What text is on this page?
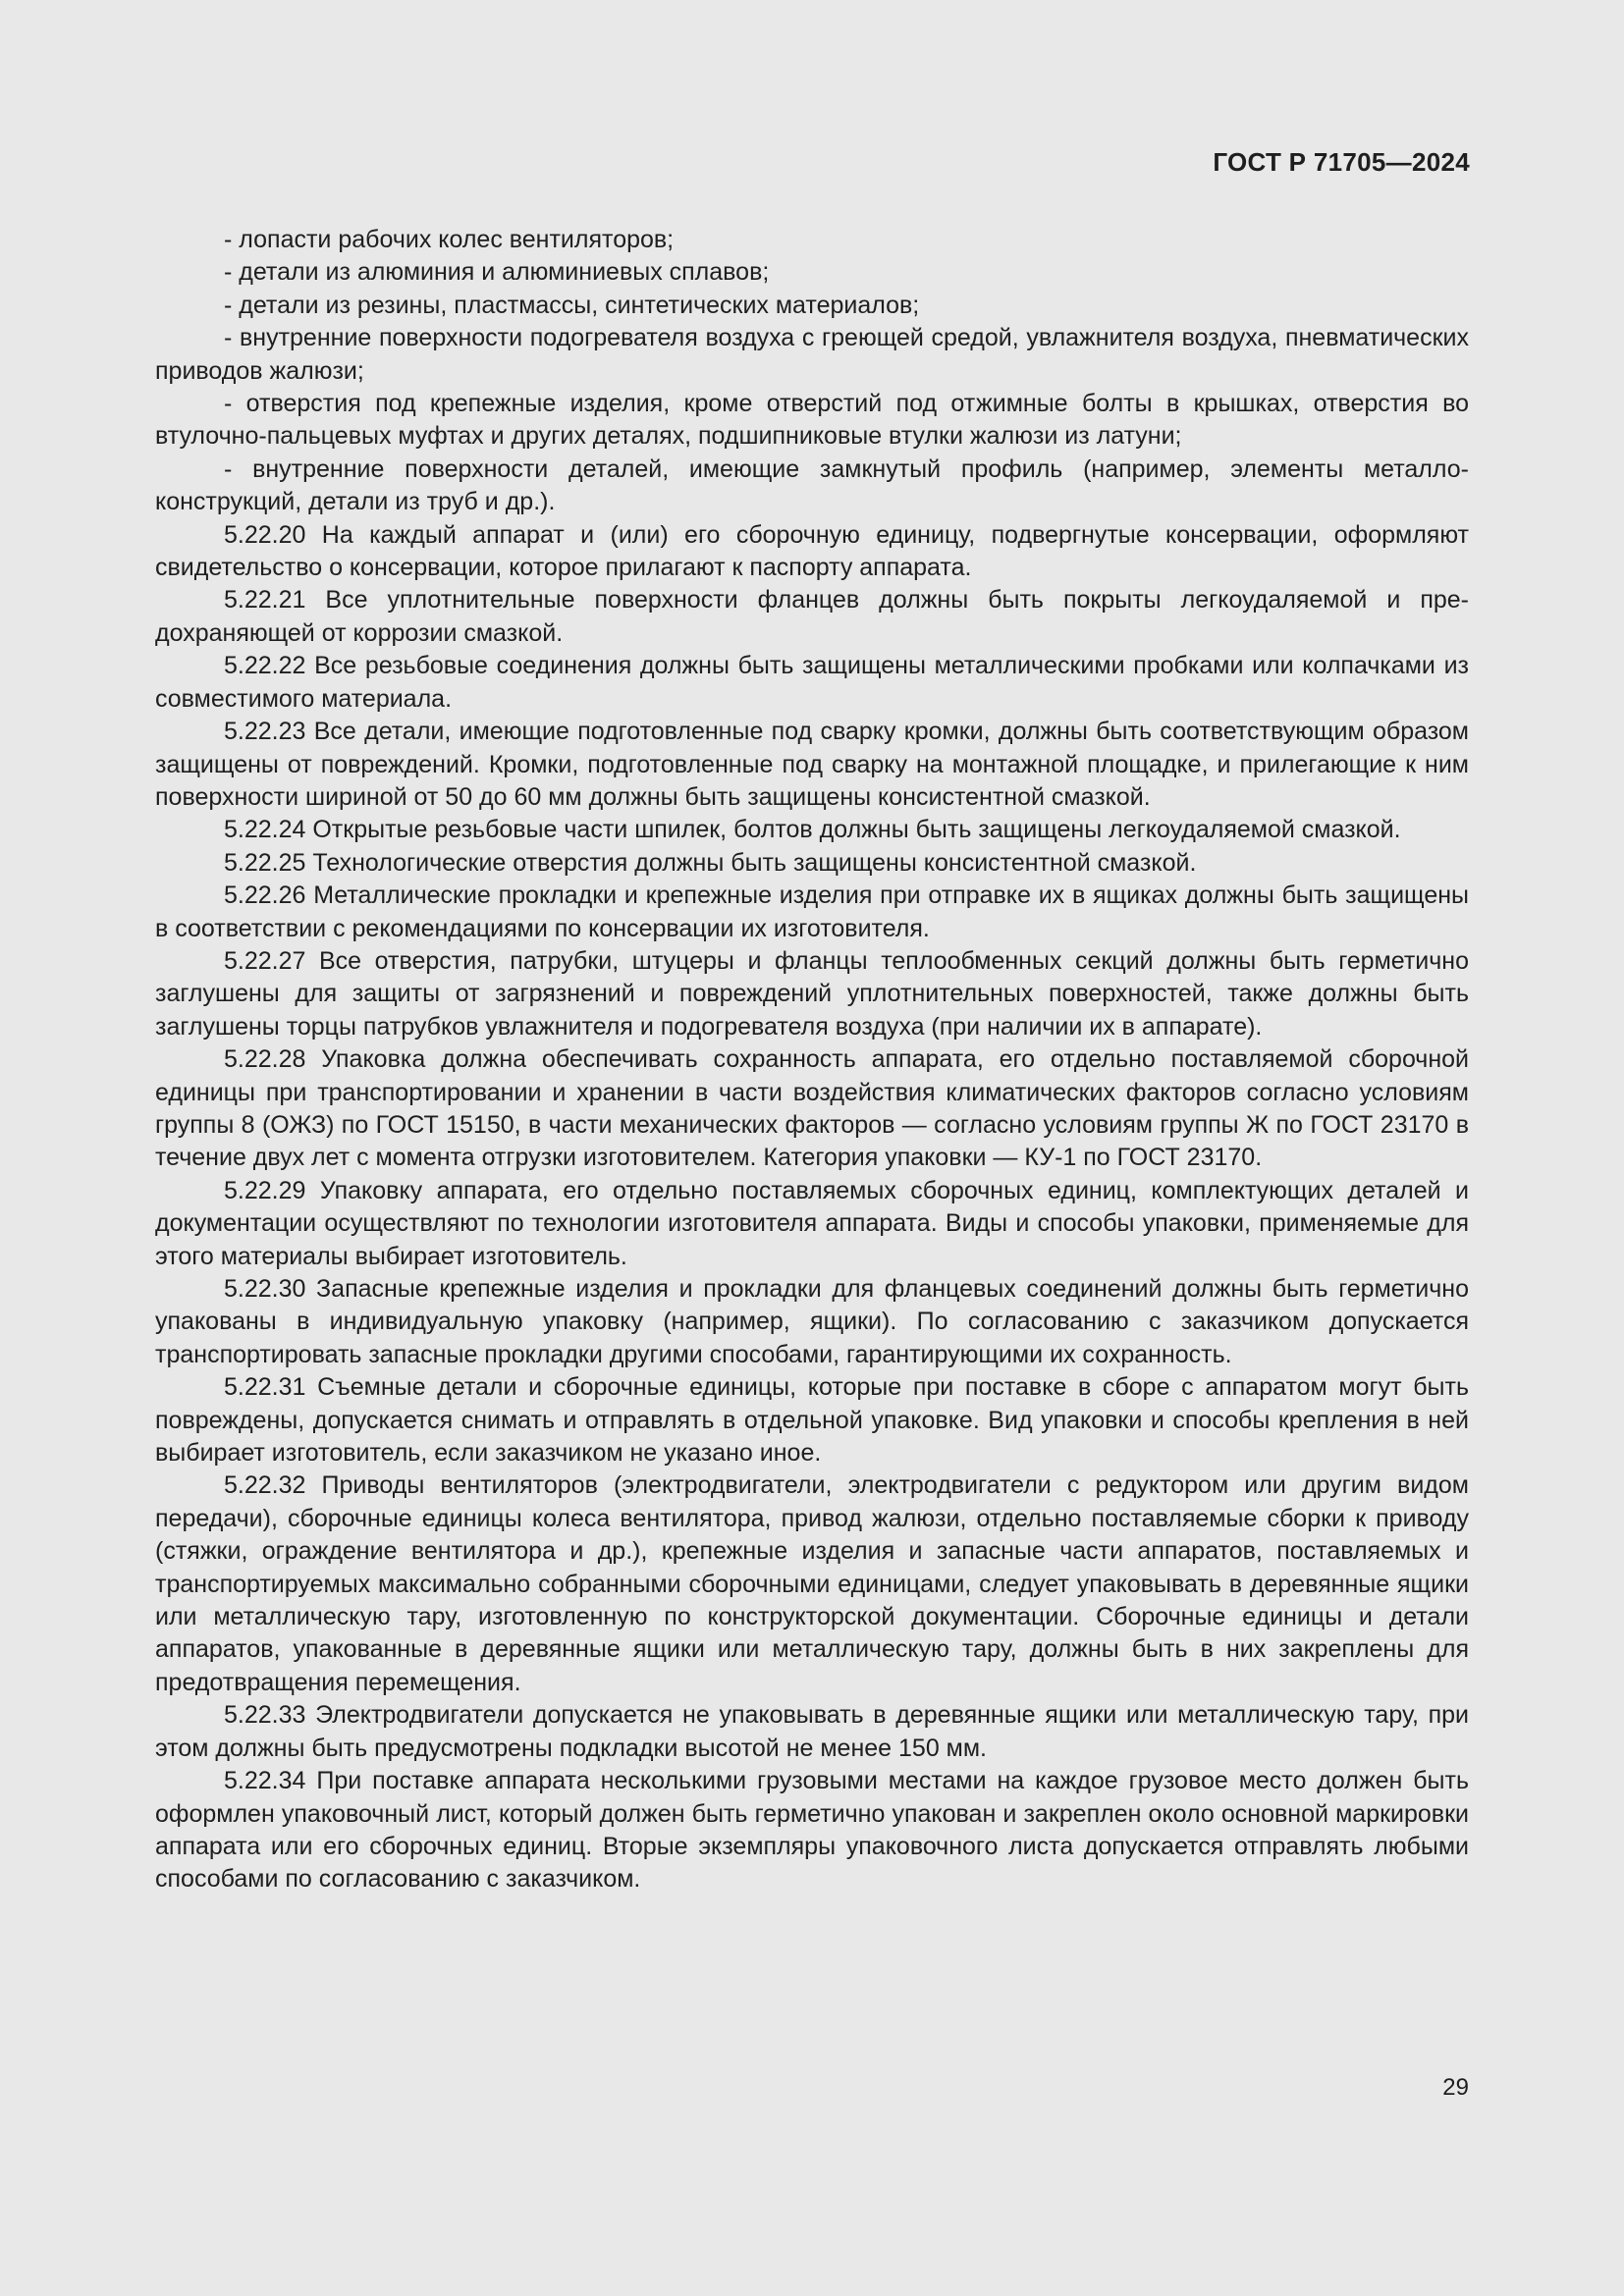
ГОСТ Р 71705—2024

- лопасти рабочих колес вентиляторов;

- детали из алюминия и алюминиевых сплавов;

- детали из резины, пластмассы, синтетических материалов;

- внутренние поверхности подогревателя воздуха с греющей средой, увлажнителя воздуха, пневматических приводов жалюзи;

- отверстия под крепежные изделия, кроме отверстий под отжимные болты в крышках, отверстия во втулочно-пальцевых муфтах и других деталях, подшипниковые втулки жалюзи из латуни;

- внутренние поверхности деталей, имеющие замкнутый профиль (например, элементы металлоконструкций, детали из труб и др.).

5.22.20 На каждый аппарат и (или) его сборочную единицу, подвергнутые консервации, оформляют свидетельство о консервации, которое прилагают к паспорту аппарата.

5.22.21 Все уплотнительные поверхности фланцев должны быть покрыты легкоудаляемой и предохраняющей от коррозии смазкой.

5.22.22 Все резьбовые соединения должны быть защищены металлическими пробками или колпачками из совместимого материала.

5.22.23 Все детали, имеющие подготовленные под сварку кромки, должны быть соответствующим образом защищены от повреждений. Кромки, подготовленные под сварку на монтажной площадке, и прилегающие к ним поверхности шириной от 50 до 60 мм должны быть защищены консистентной смазкой.

5.22.24 Открытые резьбовые части шпилек, болтов должны быть защищены легкоудаляемой смазкой.

5.22.25 Технологические отверстия должны быть защищены консистентной смазкой.

5.22.26 Металлические прокладки и крепежные изделия при отправке их в ящиках должны быть защищены в соответствии с рекомендациями по консервации их изготовителя.

5.22.27 Все отверстия, патрубки, штуцеры и фланцы теплообменных секций должны быть герметично заглушены для защиты от загрязнений и повреждений уплотнительных поверхностей, также должны быть заглушены торцы патрубков увлажнителя и подогревателя воздуха (при наличии их в аппарате).

5.22.28 Упаковка должна обеспечивать сохранность аппарата, его отдельно поставляемой сборочной единицы при транспортировании и хранении в части воздействия климатических факторов согласно условиям группы 8 (ОЖЗ) по ГОСТ 15150, в части механических факторов — согласно условиям группы Ж по ГОСТ 23170 в течение двух лет с момента отгрузки изготовителем. Категория упаковки — КУ-1 по ГОСТ 23170.

5.22.29 Упаковку аппарата, его отдельно поставляемых сборочных единиц, комплектующих деталей и документации осуществляют по технологии изготовителя аппарата. Виды и способы упаковки, применяемые для этого материалы выбирает изготовитель.

5.22.30 Запасные крепежные изделия и прокладки для фланцевых соединений должны быть герметично упакованы в индивидуальную упаковку (например, ящики). По согласованию с заказчиком допускается транспортировать запасные прокладки другими способами, гарантирующими их сохранность.

5.22.31 Съемные детали и сборочные единицы, которые при поставке в сборе с аппаратом могут быть повреждены, допускается снимать и отправлять в отдельной упаковке. Вид упаковки и способы крепления в ней выбирает изготовитель, если заказчиком не указано иное.

5.22.32 Приводы вентиляторов (электродвигатели, электродвигатели с редуктором или другим видом передачи), сборочные единицы колеса вентилятора, привод жалюзи, отдельно поставляемые сборки к приводу (стяжки, ограждение вентилятора и др.), крепежные изделия и запасные части аппаратов, поставляемых и транспортируемых максимально собранными сборочными единицами, следует упаковывать в деревянные ящики или металлическую тару, изготовленную по конструкторской документации. Сборочные единицы и детали аппаратов, упакованные в деревянные ящики или металлическую тару, должны быть в них закреплены для предотвращения перемещения.

5.22.33 Электродвигатели допускается не упаковывать в деревянные ящики или металлическую тару, при этом должны быть предусмотрены подкладки высотой не менее 150 мм.

5.22.34 При поставке аппарата несколькими грузовыми местами на каждое грузовое место должен быть оформлен упаковочный лист, который должен быть герметично упакован и закреплен около основной маркировки аппарата или его сборочных единиц. Вторые экземпляры упаковочного листа допускается отправлять любыми способами по согласованию с заказчиком.

29
